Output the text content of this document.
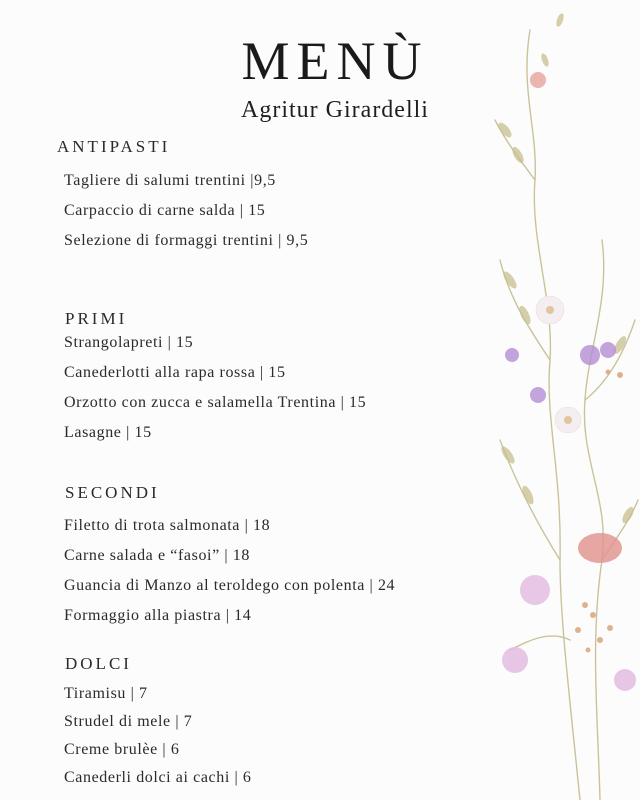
MENÙ
Agritur Girardelli
ANTIPASTI
Tagliere di salumi trentini |9,5
Carpaccio di carne salda | 15
Selezione di formaggi trentini | 9,5
PRIMI
Strangolapreti | 15
Canederlotti alla rapa rossa | 15
Orzotto con zucca e salamella Trentina | 15
Lasagne | 15
SECONDI
Filetto di trota salmonata | 18
Carne salada e “fasoi” | 18
Guancia di Manzo al teroldego con polenta | 24
Formaggio alla piastra | 14
DOLCI
Tiramisu | 7
Strudel di mele | 7
Creme brulèe | 6
Canederli dolci ai cachi | 6
